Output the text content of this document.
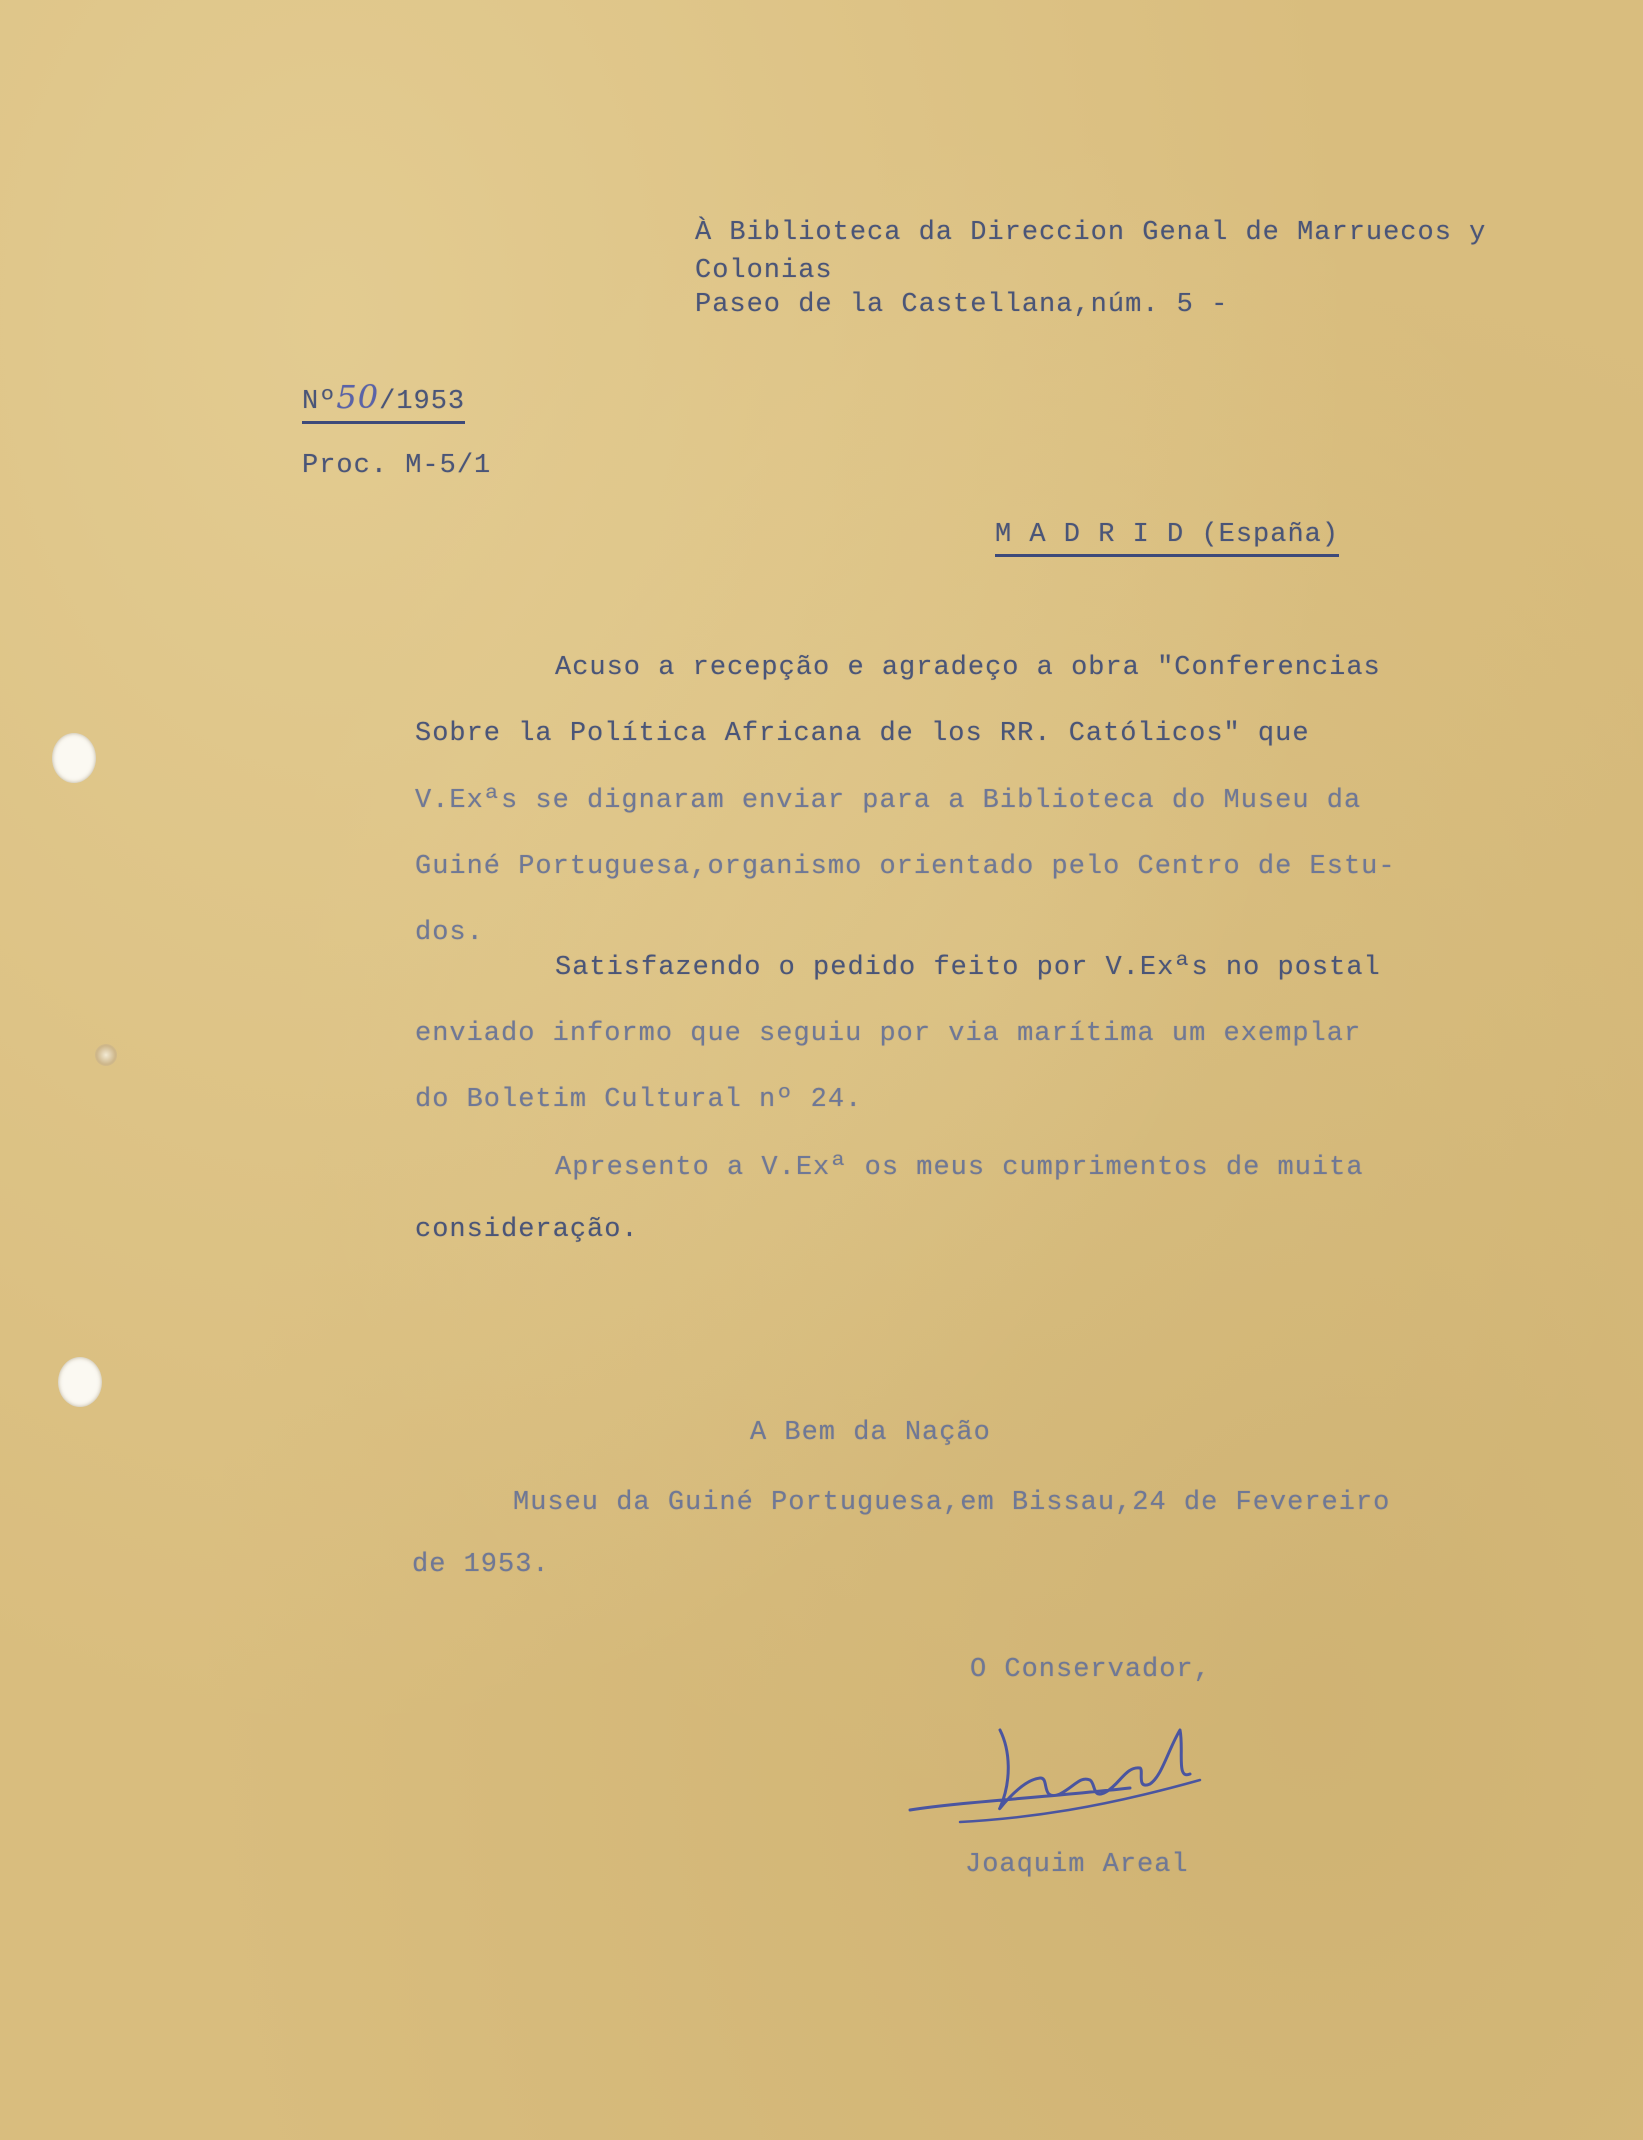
À Biblioteca da Direccion Genal de Marruecos y
Colonias
Paseo de la Castellana,núm. 5 -
Nº50/1953
Proc. M-5/1
M A D R I D (España)
Acuso a recepção e agradeço a obra "Conferencias
Sobre la Política Africana de los RR. Católicos" que
V.Exªs se dignaram enviar para a Biblioteca do Museu da
Guiné Portuguesa,organismo orientado pelo Centro de Estu-
dos.
Satisfazendo o pedido feito por V.Exªs no postal
enviado informo que seguiu por via marítima um exemplar
do Boletim Cultural nº 24.
Apresento a V.Exª os meus cumprimentos de muita
consideração.
A Bem da Nação
Museu da Guiné Portuguesa,em Bissau,24 de Fevereiro
de 1953.
O Conservador,
Joaquim Areal
